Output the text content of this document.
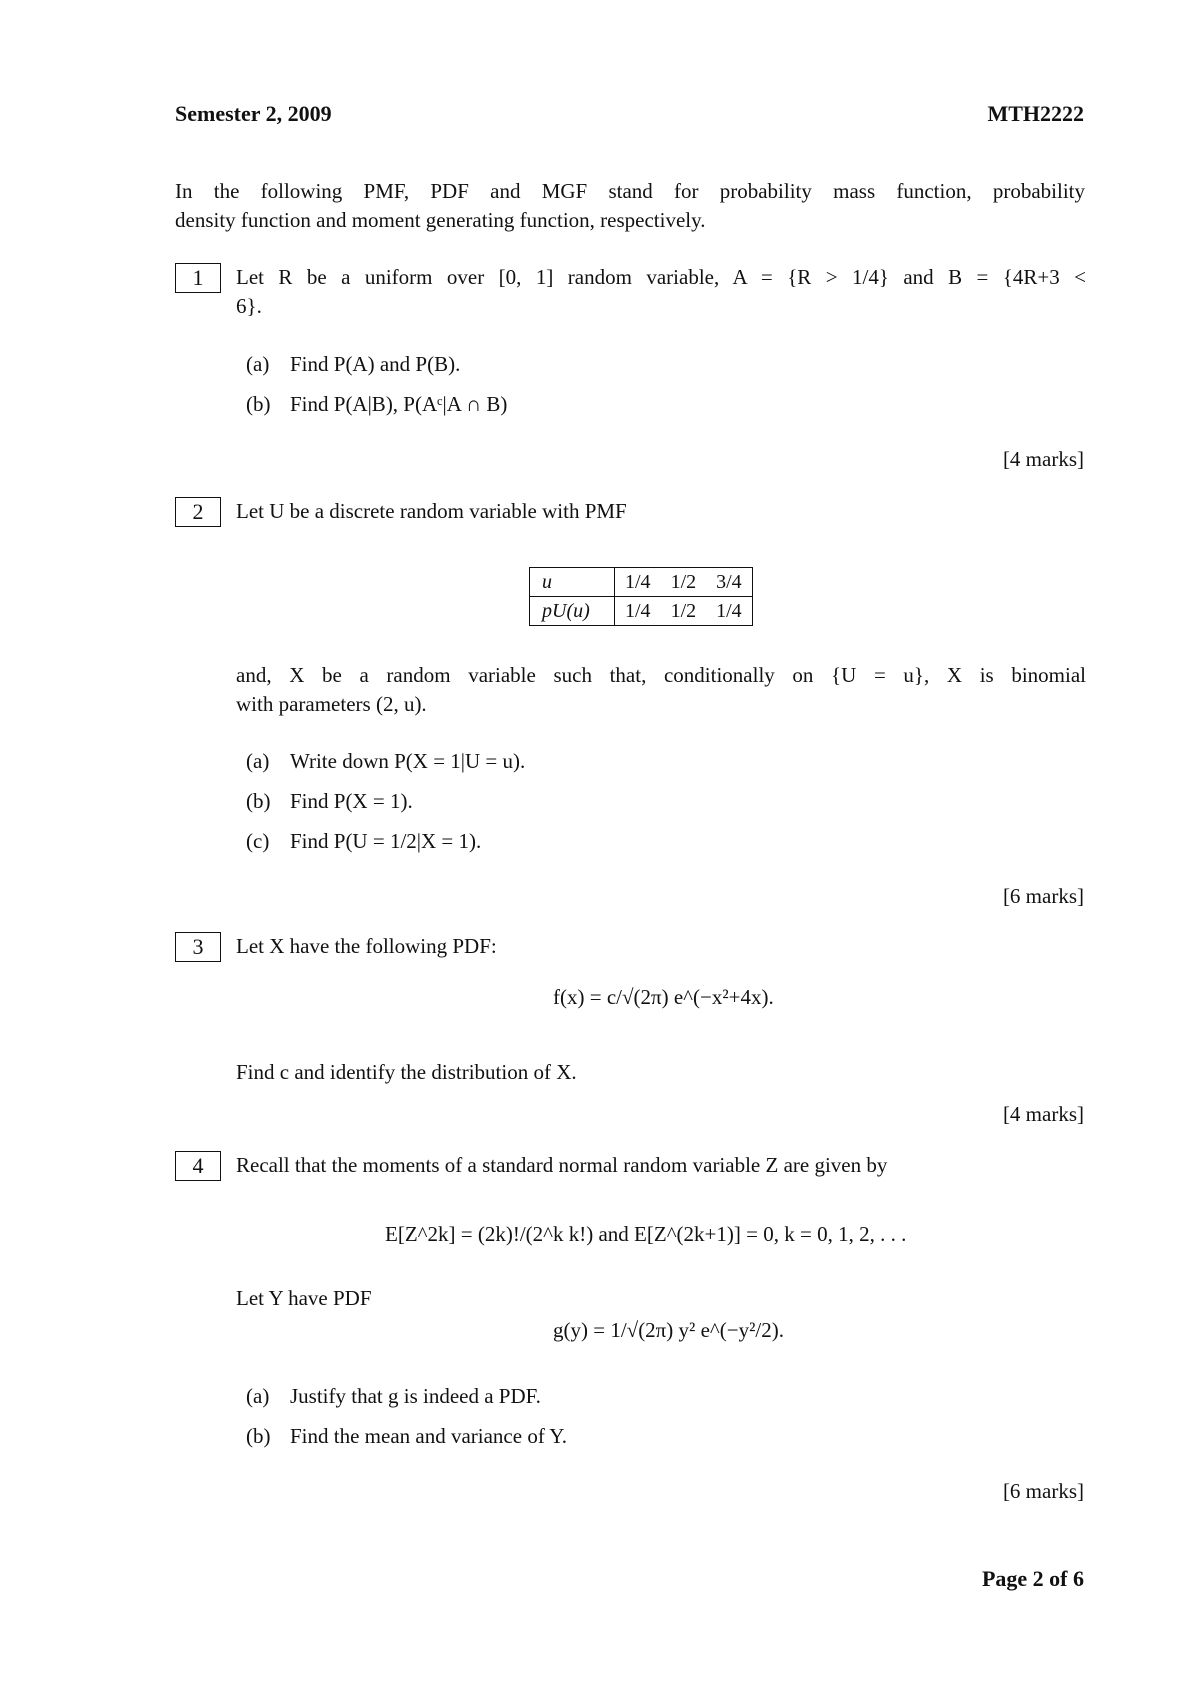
Semester 2, 2009	MTH2222
In the following PMF, PDF and MGF stand for probability mass function, probability
density function and moment generating function, respectively.
1	Let R be a uniform over [0, 1] random variable, A = {R > 1/4} and B = {4R+3 <
6}.
(a) Find P(A) and P(B).
(b) Find P(A|B), P(Aᶜ|A ∩ B)
[4 marks]
2	Let U be a discrete random variable with PMF
u	1/4	1/2	3/4
pU(u)	1/4	1/2	1/4
and, X be a random variable such that, conditionally on {U = u}, X is binomial
with parameters (2, u).
(a) Write down P(X = 1|U = u).
(b) Find P(X = 1).
(c) Find P(U = 1/2|X = 1).
[6 marks]
3	Let X have the following PDF:
f(x) = c/√(2π) e^(−x²+4x).
Find c and identify the distribution of X.
[4 marks]
4	Recall that the moments of a standard normal random variable Z are given by
E[Z^2k] = (2k)!/(2^k k!) and E[Z^(2k+1)] = 0, k = 0, 1, 2, . . .
Let Y have PDF
g(y) = 1/√(2π) y² e^(−y²/2).
(a) Justify that g is indeed a PDF.
(b) Find the mean and variance of Y.
[6 marks]
Page 2 of 6
